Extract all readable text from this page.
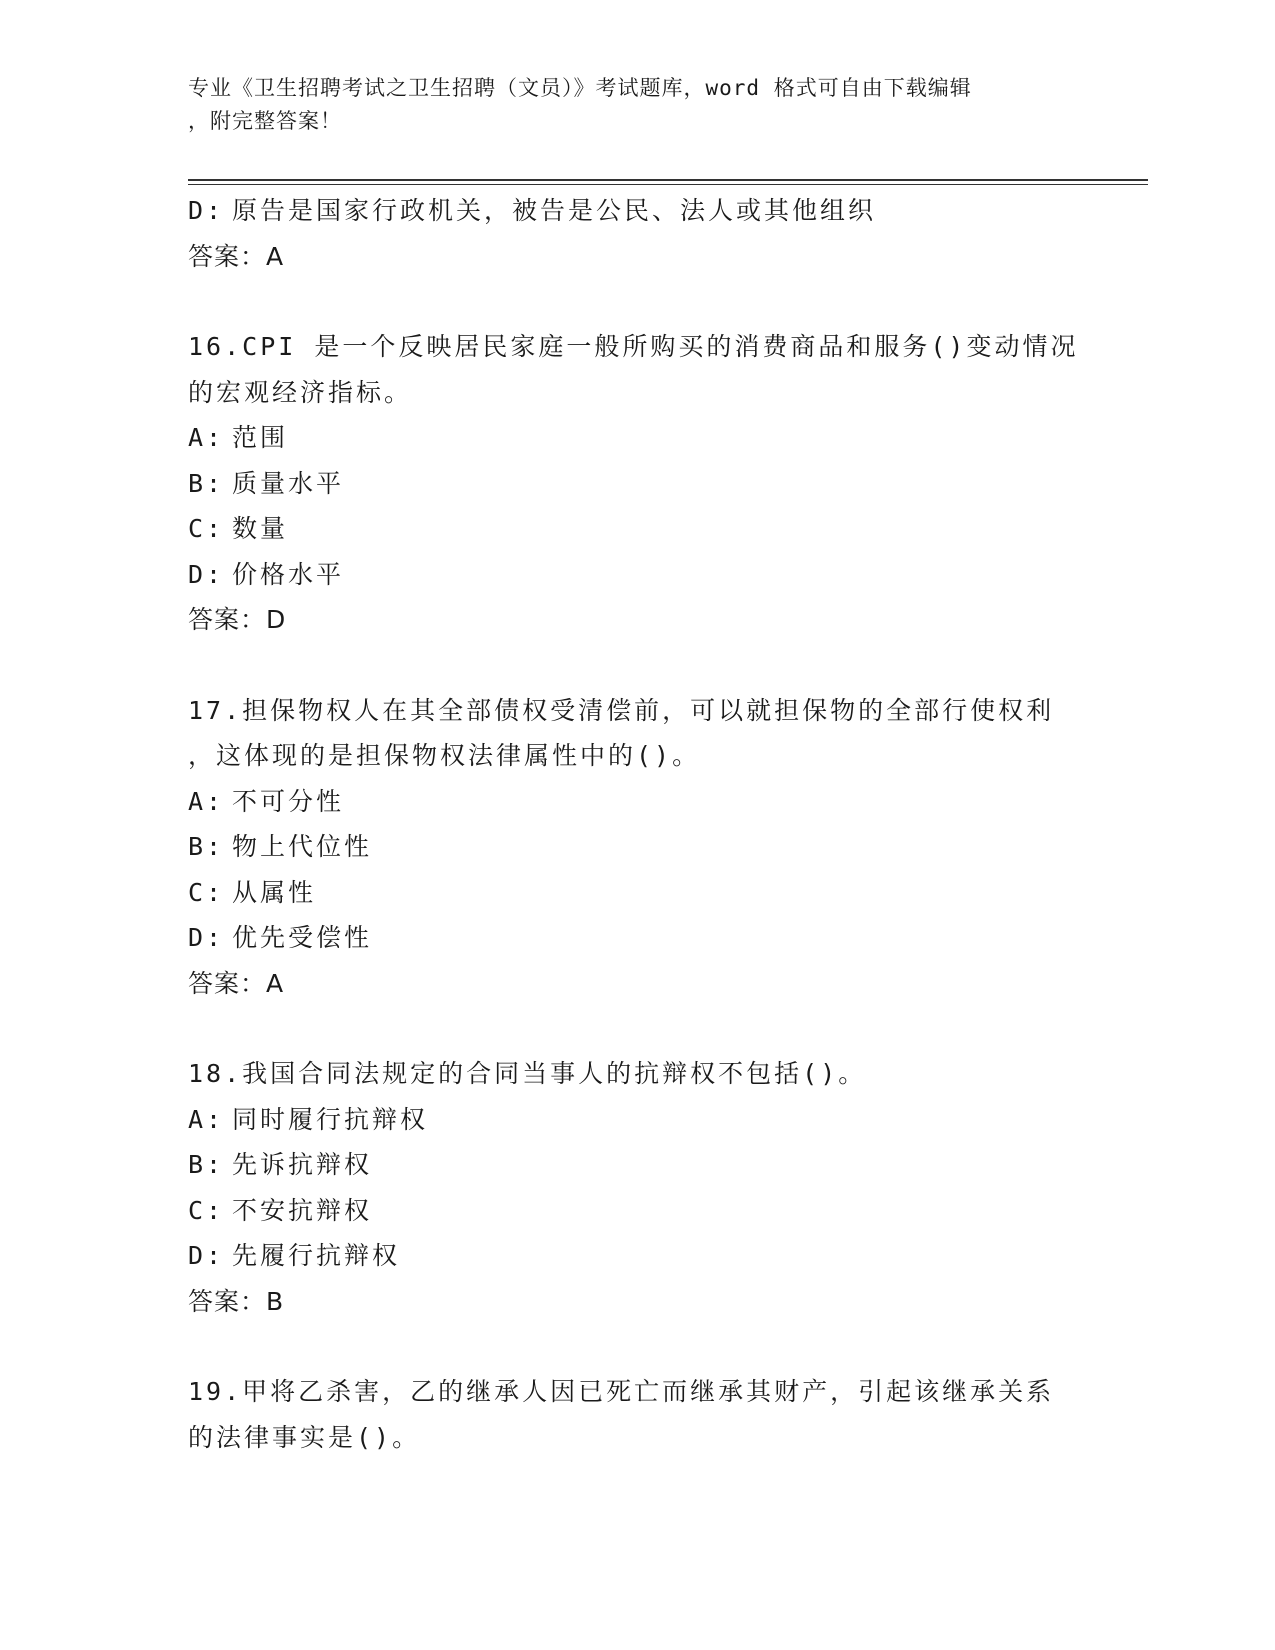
专业《卫生招聘考试之卫生招聘（文员）》考试题库，word 格式可自由下载编辑
，附完整答案！
D: 原告是国家行政机关，被告是公民、法人或其他组织
答案：A
16.CPI 是一个反映居民家庭一般所购买的消费商品和服务()变动情况
的宏观经济指标。
A: 范围
B: 质量水平
C: 数量
D: 价格水平
答案：D
17.担保物权人在其全部债权受清偿前，可以就担保物的全部行使权利
，这体现的是担保物权法律属性中的()。
A: 不可分性
B: 物上代位性
C: 从属性
D: 优先受偿性
答案：A
18.我国合同法规定的合同当事人的抗辩权不包括()。
A: 同时履行抗辩权
B: 先诉抗辩权
C: 不安抗辩权
D: 先履行抗辩权
答案：B
19.甲将乙杀害，乙的继承人因已死亡而继承其财产，引起该继承关系
的法律事实是()。
